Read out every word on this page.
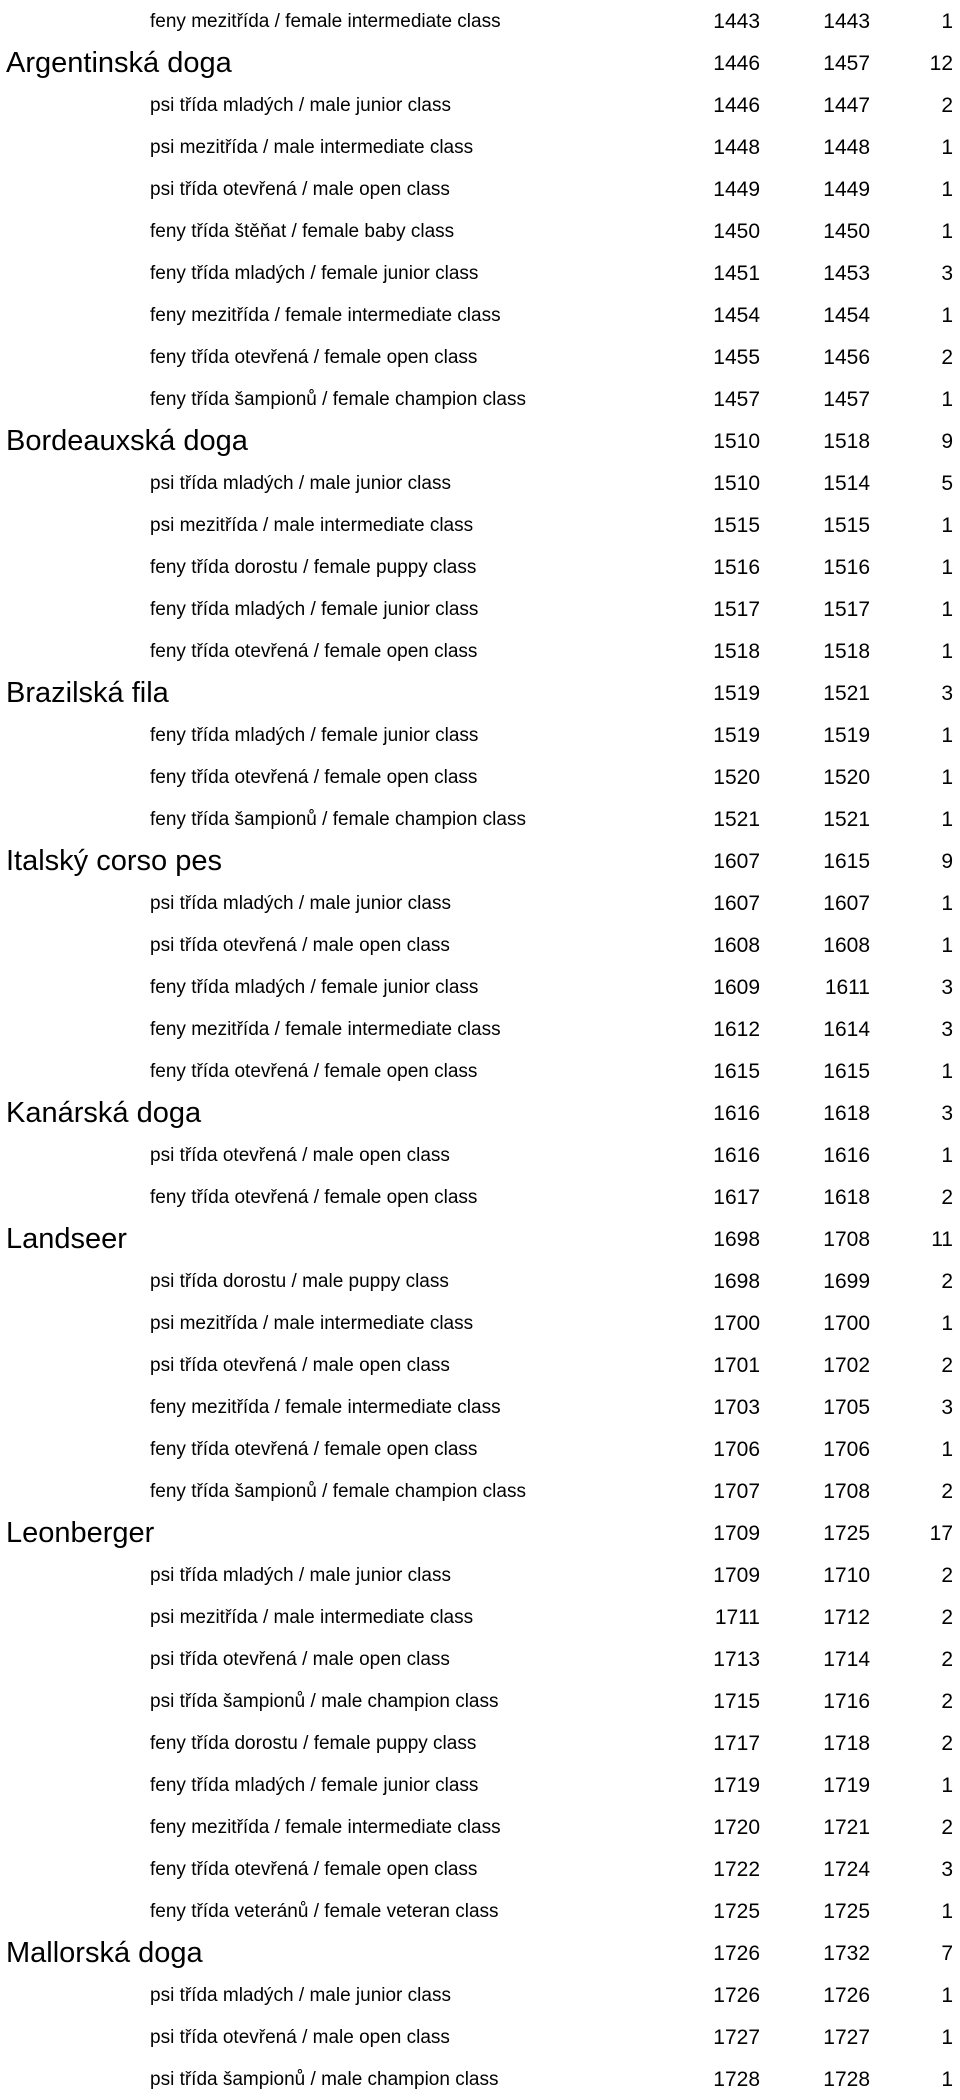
feny mezitřída / female intermediate class	1443	1443	1
Argentinská doga	1446	1457	12
psi třída mladých / male junior class	1446	1447	2
psi mezitřída / male intermediate class	1448	1448	1
psi třída otevřená / male open class	1449	1449	1
feny třída štěňat / female baby class	1450	1450	1
feny třída mladých / female junior class	1451	1453	3
feny mezitřída / female intermediate class	1454	1454	1
feny třída otevřená / female open class	1455	1456	2
feny třída šampionů / female champion class	1457	1457	1
Bordeauxská doga	1510	1518	9
psi třída mladých / male junior class	1510	1514	5
psi mezitřída / male intermediate class	1515	1515	1
feny třída dorostu / female puppy class	1516	1516	1
feny třída mladých / female junior class	1517	1517	1
feny třída otevřená / female open class	1518	1518	1
Brazilská fila	1519	1521	3
feny třída mladých / female junior class	1519	1519	1
feny třída otevřená / female open class	1520	1520	1
feny třída šampionů / female champion class	1521	1521	1
Italský corso pes	1607	1615	9
psi třída mladých / male junior class	1607	1607	1
psi třída otevřená / male open class	1608	1608	1
feny třída mladých / female junior class	1609	1611	3
feny mezitřída / female intermediate class	1612	1614	3
feny třída otevřená / female open class	1615	1615	1
Kanárská doga	1616	1618	3
psi třída otevřená / male open class	1616	1616	1
feny třída otevřená / female open class	1617	1618	2
Landseer	1698	1708	11
psi třída dorostu / male puppy class	1698	1699	2
psi mezitřída / male intermediate class	1700	1700	1
psi třída otevřená / male open class	1701	1702	2
feny mezitřída / female intermediate class	1703	1705	3
feny třída otevřená / female open class	1706	1706	1
feny třída šampionů / female champion class	1707	1708	2
Leonberger	1709	1725	17
psi třída mladých / male junior class	1709	1710	2
psi mezitřída / male intermediate class	1711	1712	2
psi třída otevřená / male open class	1713	1714	2
psi třída šampionů / male champion class	1715	1716	2
feny třída dorostu / female puppy class	1717	1718	2
feny třída mladých / female junior class	1719	1719	1
feny mezitřída / female intermediate class	1720	1721	2
feny třída otevřená / female open class	1722	1724	3
feny třída veteránů / female veteran class	1725	1725	1
Mallorská doga	1726	1732	7
psi třída mladých / male junior class	1726	1726	1
psi třída otevřená / male open class	1727	1727	1
psi třída šampionů / male champion class	1728	1728	1
